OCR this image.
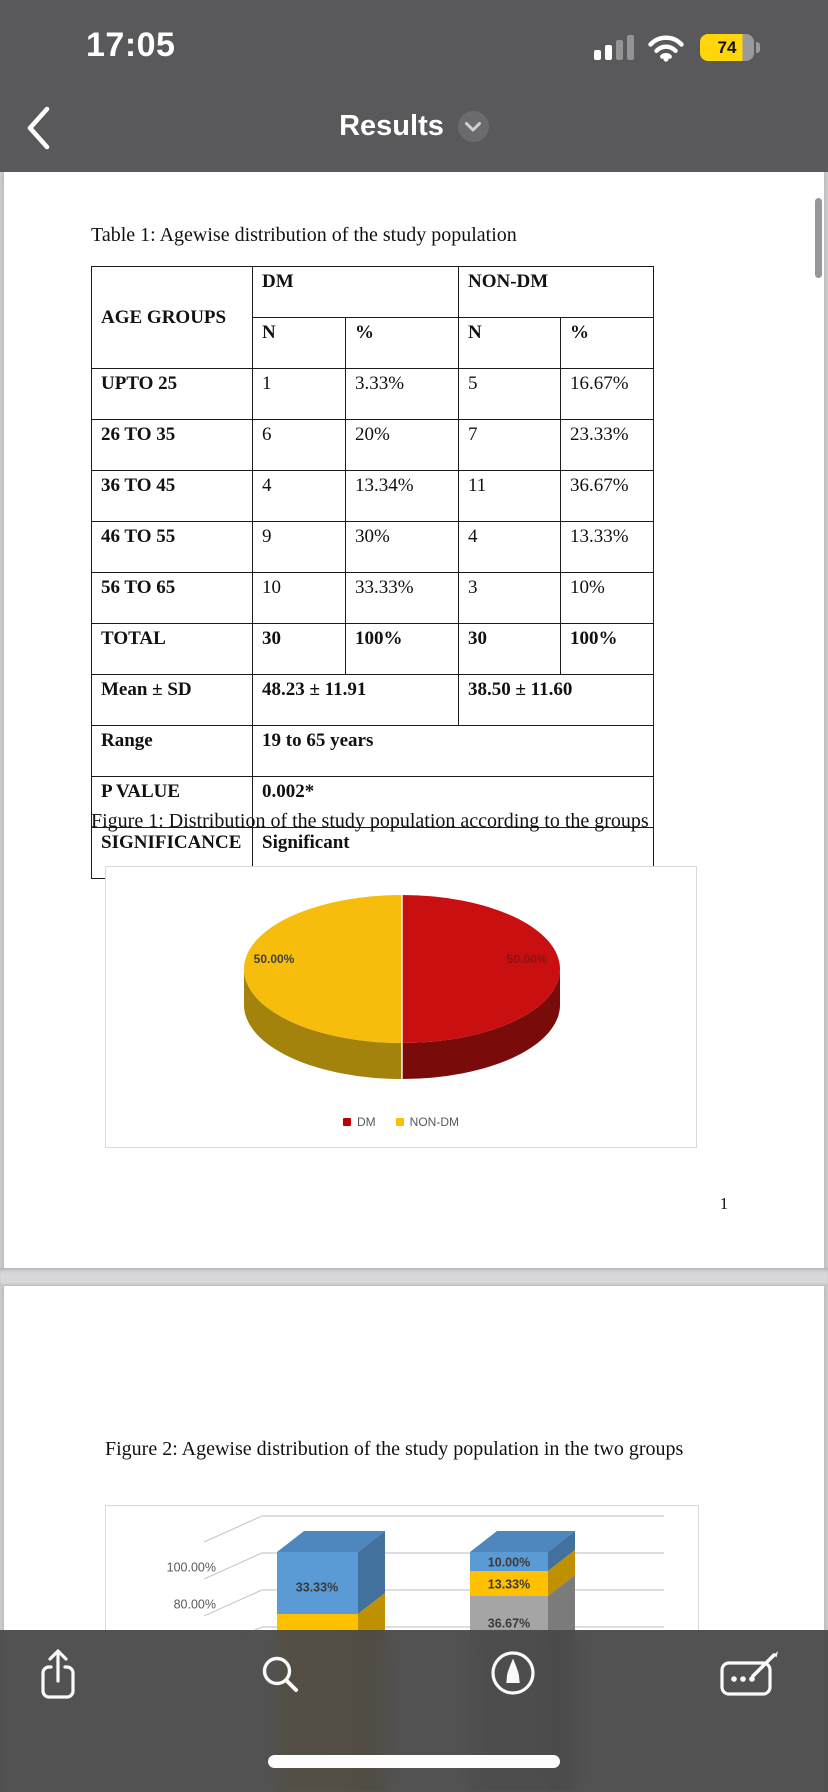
17:05	74
Results
Table 1: Agewise distribution of the study population
AGE GROUPS	DM		NON-DM	
	N	%	N	%
UPTO 25	1	3.33%	5	16.67%
26 TO 35	6	20%	7	23.33%
36 TO 45	4	13.34%	11	36.67%
46 TO 55	9	30%	4	13.33%
56 TO 65	10	33.33%	3	10%
TOTAL	30	100%	30	100%
Mean ± SD	48.23 ± 11.91		38.50 ± 11.60	
Range	19 to 65 years			
P VALUE	0.002*			
SIGNIFICANCE	Significant			
Figure 1: Distribution of the study population according to the groups
50.00%	50.00%
DM	NON-DM
1
Figure 2: Agewise distribution of the study population in the two groups
100.00%
80.00%
33.33%
10.00%
13.33%
36.67%
